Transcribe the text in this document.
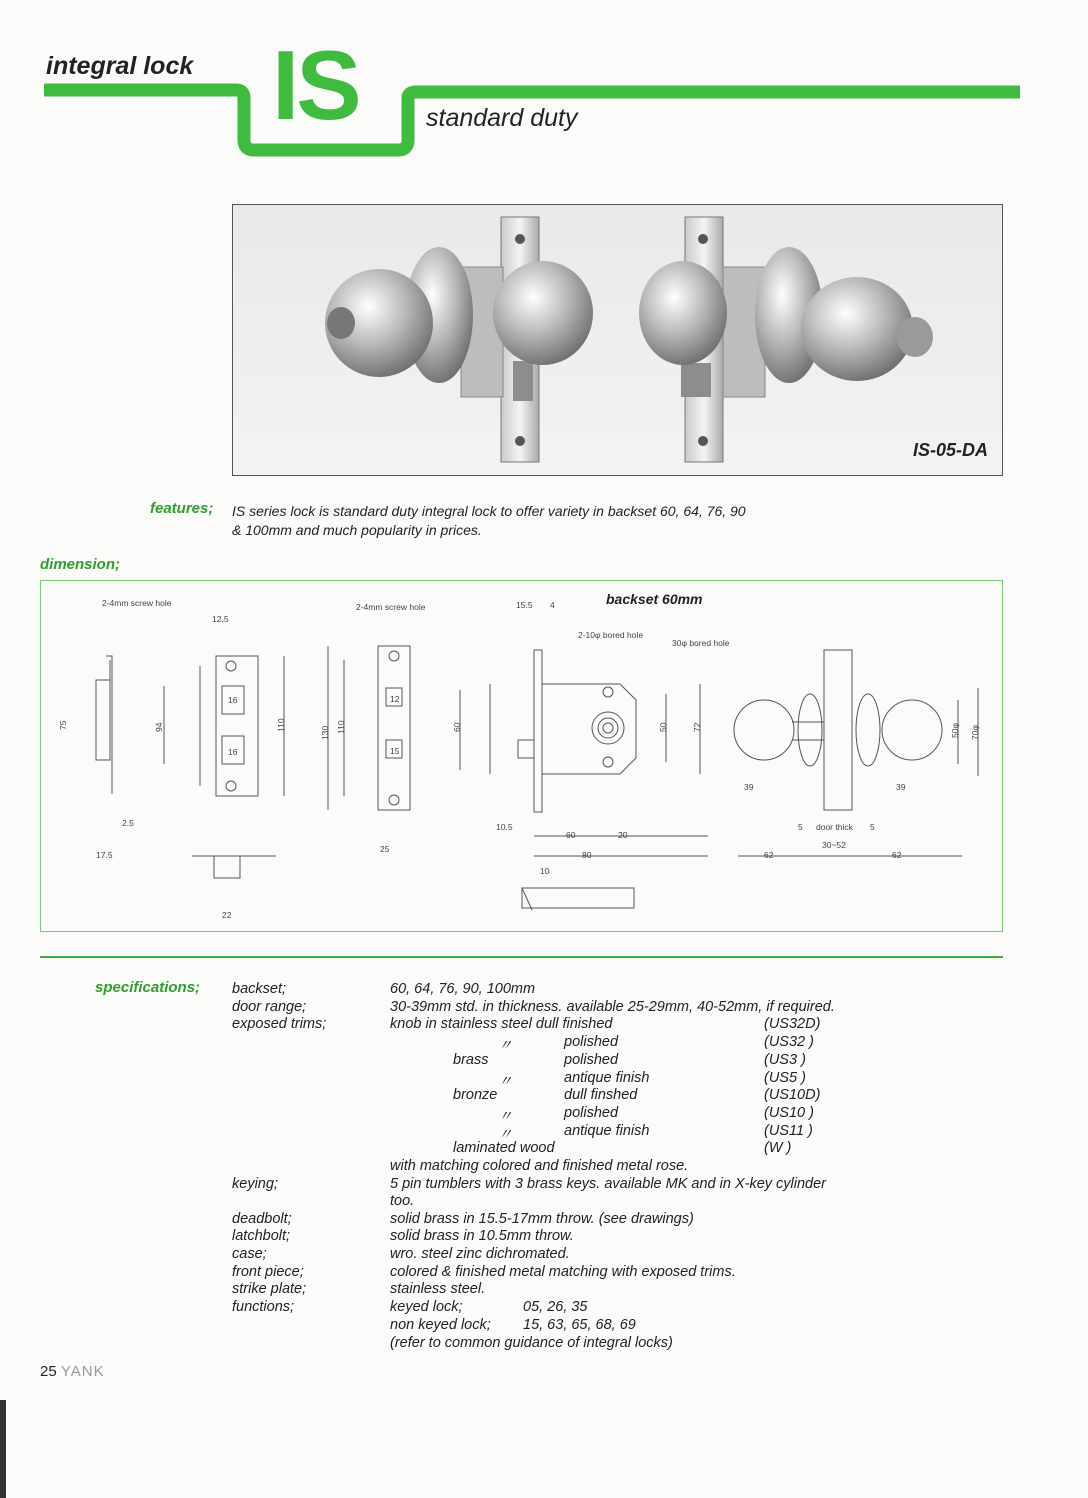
integral lock IS	standard duty
IS-05-DA
features; IS series lock is standard duty integral lock to offer variety in backset 60, 64, 76, 90 & 100mm and much popularity in prices.
dimension;
2-4mm screw hole	2-4mm screw hole
2-10φ bored hole
30φ bored hole
12.5
15.5 4
75	94	110
130 110	60	50	72	70φ
50φ
16
16
12
15
2.5
17.5
22
25
10.5
60	20
80
10
39	39
5 door thick 5
30~52
62	62
backset 60mm
specifications; backset;	60, 64, 76, 90, 100mm
door range;	30-39mm std. in thickness. available 25-29mm, 40-52mm, if required.
exposed trims;	knob in stainless steel dull finished	(US32D)
〃	polished	(US32 )
brass	polished	(US3 )
〃	antique finish	(US5 )
bronze	dull finshed	(US10D)
〃	polished	(US10 )
〃	antique finish	(US11 )
laminated wood	(W )
with matching colored and finished metal rose.
keying;	5 pin tumblers with 3 brass keys. available MK and in X-key cylinder
too.
deadbolt;	solid brass in 15.5-17mm throw. (see drawings)
latchbolt;	solid brass in 10.5mm throw.
case;	wro. steel zinc dichromated.
front piece;	colored & finished metal matching with exposed trims.
strike plate;	stainless steel.
functions;	keyed lock;	05, 26, 35
non keyed lock; 15, 63, 65, 68, 69
(refer to common guidance of integral locks)
25 YANK
